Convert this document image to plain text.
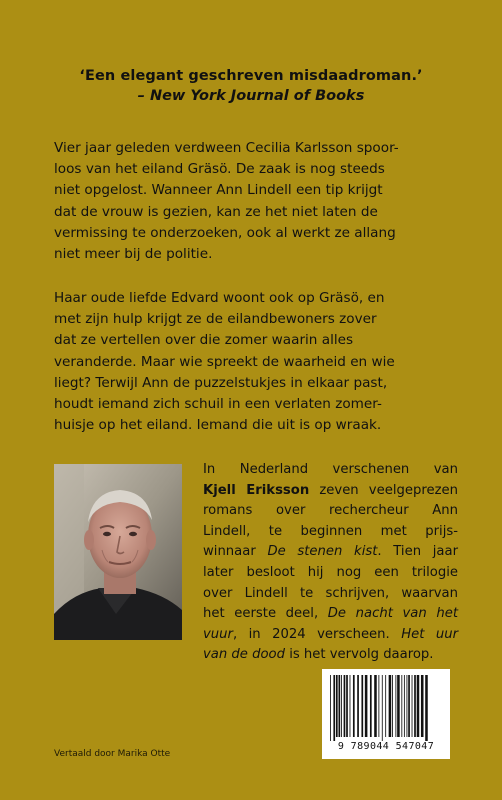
‘Een elegant geschreven misdaadroman.’
– New York Journal of Books

Vier jaar geleden verdween Cecilia Karlsson spoor-

loos van het eiland Gräsö. De zaak is nog steeds

niet opgelost. Wanneer Ann Lindell een tip krijgt

dat de vrouw is gezien, kan ze het niet laten de

vermissing te onderzoeken, ook al werkt ze allang

niet meer bij de politie.

Haar oude liefde Edvard woont ook op Gräsö, en

met zijn hulp krijgt ze de eilandbewoners zover

dat ze vertellen over die zomer waarin alles

veranderde. Maar wie spreekt de waarheid en wie

liegt? Terwijl Ann de puzzelstukjes in elkaar past,

houdt iemand zich schuil in een verlaten zomer-

huisje op het eiland. Iemand die uit is op wraak.

In Nederland verschenen van

Kjell Eriksson zeven veelgeprezen

romans over rechercheur Ann

Lindell, te beginnen met prijs-

winnaar De stenen kist. Tien jaar

later besloot hij nog een trilogie

over Lindell te schrijven, waarvan

het eerste deel, De nacht van het

vuur, in 2024 verscheen. Het uur

van de dood is het vervolg daarop.

9 789044 547047
Vertaald door Marika Otte
